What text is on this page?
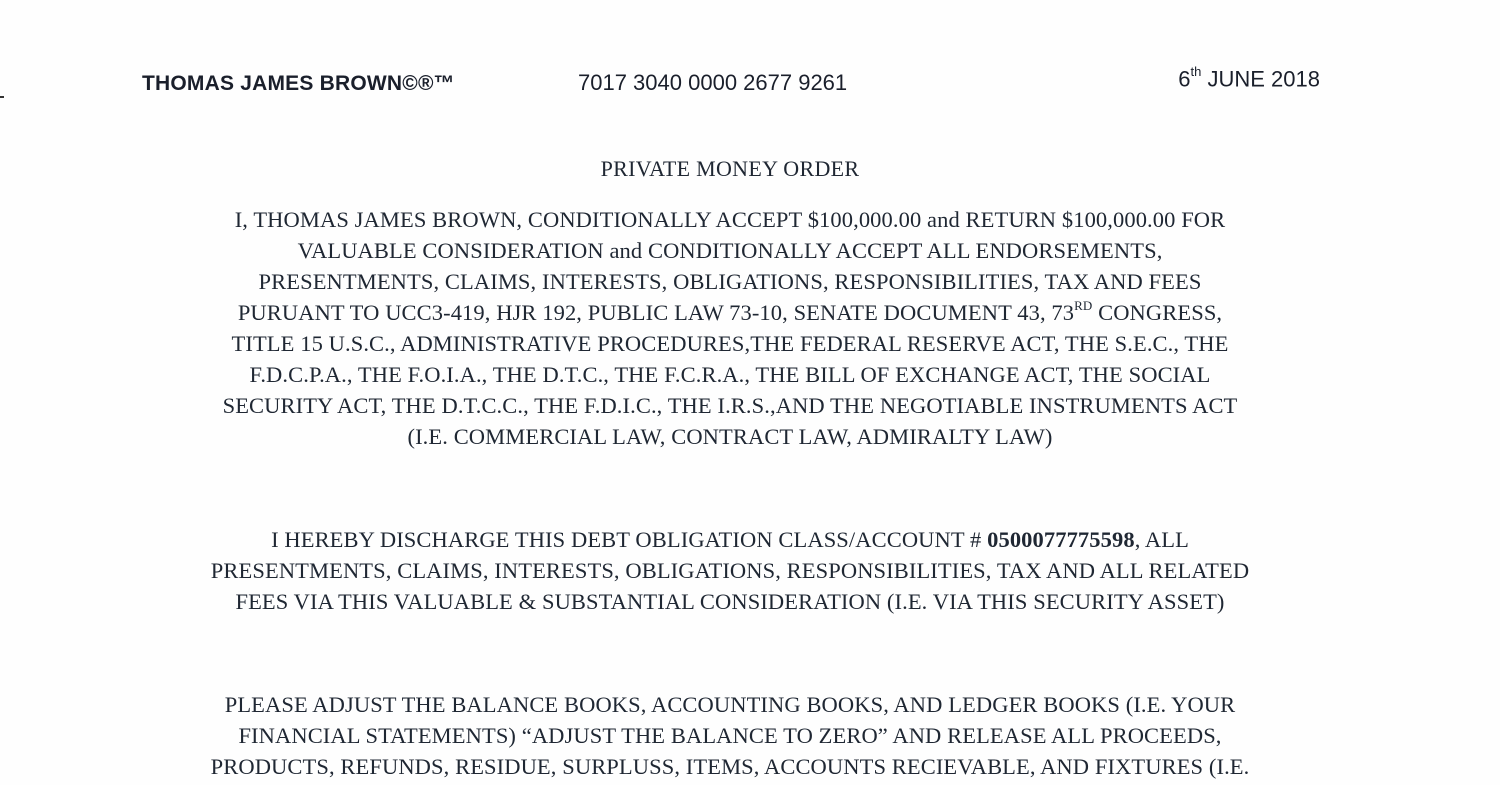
THOMAS JAMES BROWN©®™	7017 3040 0000 2677 9261	6th JUNE 2018
PRIVATE MONEY ORDER
I, THOMAS JAMES BROWN, CONDITIONALLY ACCEPT $100,000.00 and RETURN $100,000.00 FOR
VALUABLE CONSIDERATION and CONDITIONALLY ACCEPT ALL ENDORSEMENTS,
PRESENTMENTS, CLAIMS, INTERESTS, OBLIGATIONS, RESPONSIBILITIES, TAX AND FEES
PURUANT TO UCC3-419, HJR 192, PUBLIC LAW 73-10, SENATE DOCUMENT 43, 73RD CONGRESS,
TITLE 15 U.S.C., ADMINISTRATIVE PROCEDURES,THE FEDERAL RESERVE ACT, THE S.E.C., THE
F.D.C.P.A., THE F.O.I.A., THE D.T.C., THE F.C.R.A., THE BILL OF EXCHANGE ACT, THE SOCIAL
SECURITY ACT, THE D.T.C.C., THE F.D.I.C., THE I.R.S.,AND THE NEGOTIABLE INSTRUMENTS ACT
(I.E. COMMERCIAL LAW, CONTRACT LAW, ADMIRALTY LAW)
I HEREBY DISCHARGE THIS DEBT OBLIGATION CLASS/ACCOUNT # 0500077775598, ALL
PRESENTMENTS, CLAIMS, INTERESTS, OBLIGATIONS, RESPONSIBILITIES, TAX AND ALL RELATED
FEES VIA THIS VALUABLE & SUBSTANTIAL CONSIDERATION (I.E. VIA THIS SECURITY ASSET)
PLEASE ADJUST THE BALANCE BOOKS, ACCOUNTING BOOKS, AND LEDGER BOOKS (I.E. YOUR
FINANCIAL STATEMENTS) “ADJUST THE BALANCE TO ZERO” AND RELEASE ALL PROCEEDS,
PRODUCTS, REFUNDS, RESIDUE, SURPLUSS, ITEMS, ACCOUNTS RECIEVABLE, AND FIXTURES (I.E.
